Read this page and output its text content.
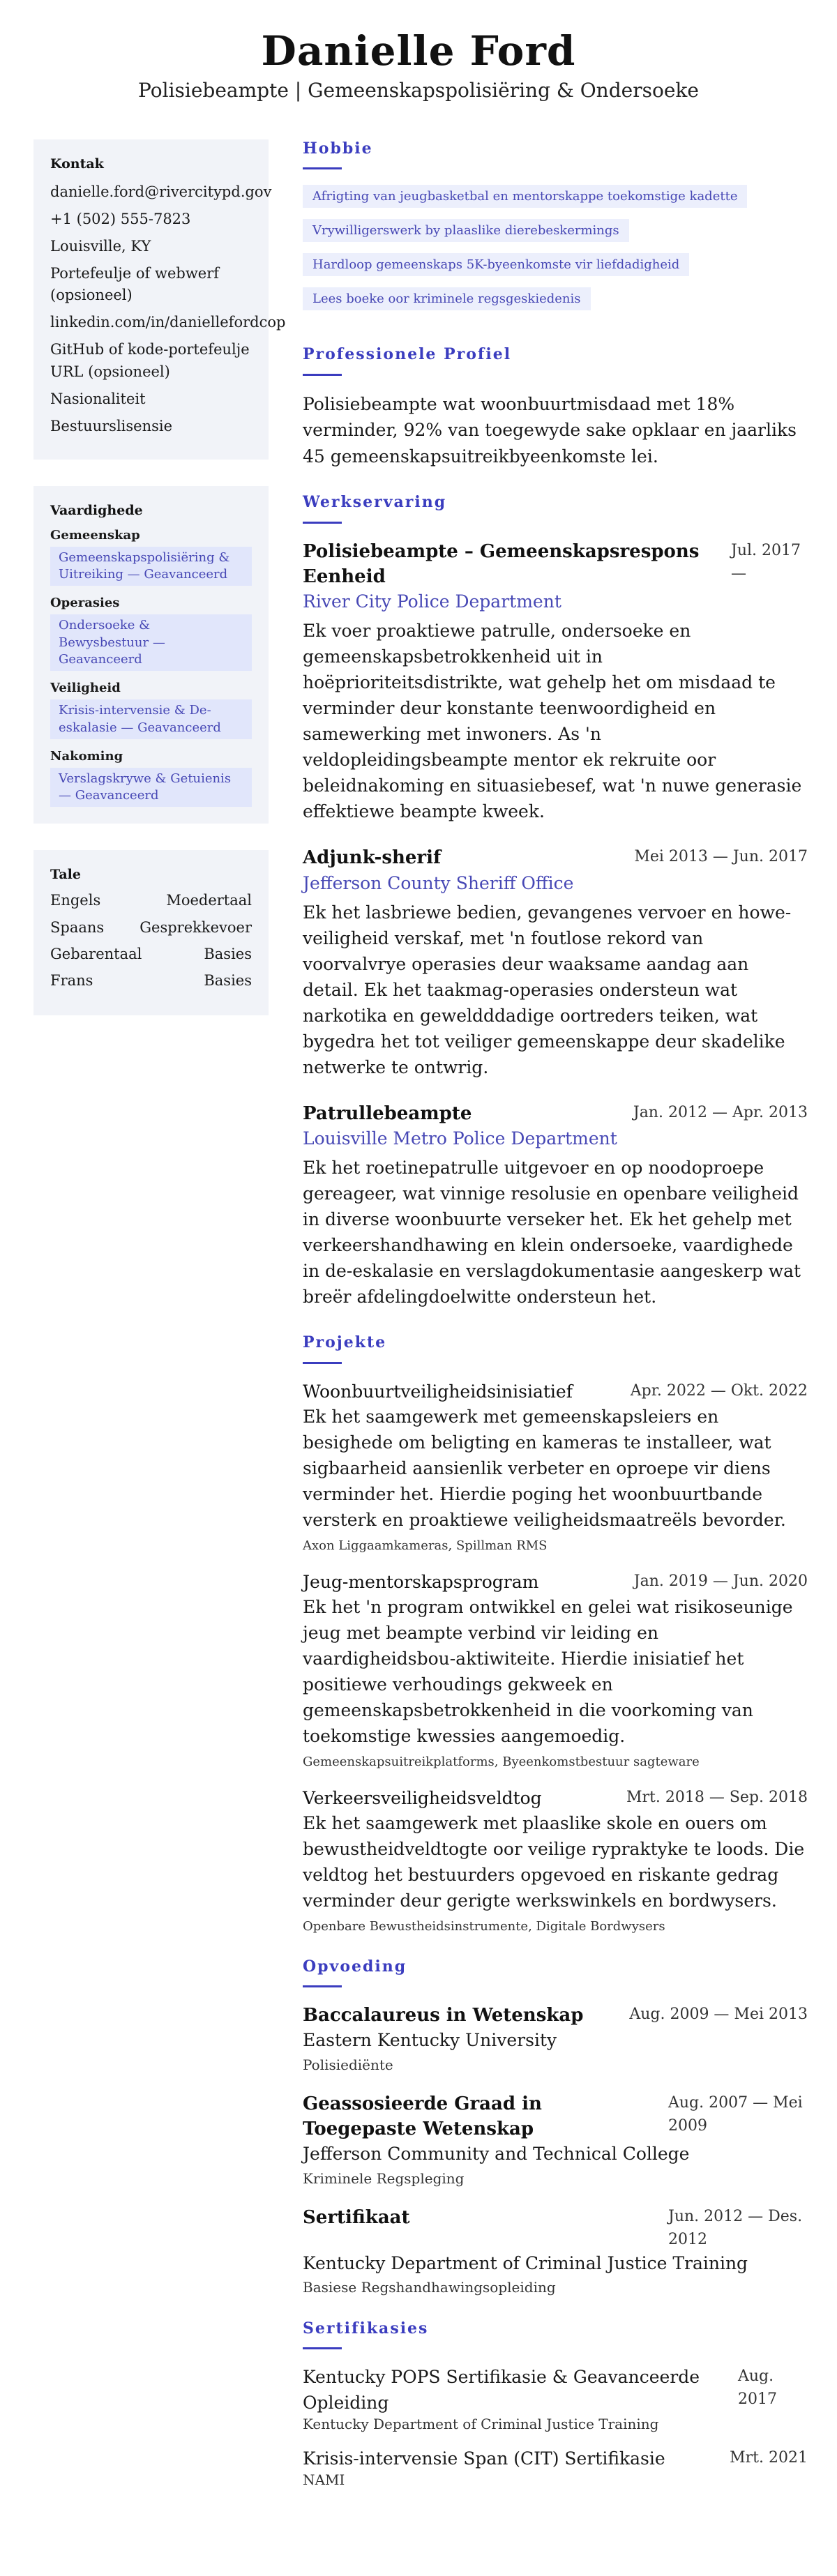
Danielle Ford
Polisiebeampte | Gemeenskapspolisiëring & Ondersoeke
Kontak
danielle.ford@rivercitypd.gov
+1 (502) 555-7823
Louisville, KY
Portefeulje of webwerf (opsioneel)
linkedin.com/in/daniellefordcop
GitHub of kode-portefeulje URL (opsioneel)
Nasionaliteit
Bestuurslisensie
Vaardighede
Gemeenskap
Gemeenskapspolisiëring & Uitreiking — Geavanceerd
Operasies
Ondersoeke & Bewysbestuur — Geavanceerd
Veiligheid
Krisis-intervensie & De-eskalasie — Geavanceerd
Nakoming
Verslagskrywe & Getuienis — Geavanceerd
Tale
Engels	Moedertaal
Spaans Gesprekkevoer
Gebarentaal	Basies
Frans	Basies
Hobbie
Afrigting van jeugbasketbal en mentorskappe toekomstige kadette
Vrywilligerswerk by plaaslike dierebeskermings
Hardloop gemeenskaps 5K-byeenkomste vir liefdadigheid
Lees boeke oor kriminele regsgeskiedenis
Professionele Profiel
Polisiebeampte wat woonbuurtmisdaad met 18% verminder, 92% van toegewyde sake opklaar en jaarliks 45 gemeenskapsuitreikbyeenkomste lei.
Werkservaring
Polisiebeampte – Gemeenskapsrespons Eenheid
Jul. 2017 —
River City Police Department
Ek voer proaktiewe patrulle, ondersoeke en gemeenskapsbetrokkenheid uit in hoëprioriteitsdistrikte, wat gehelp het om misdaad te verminder deur konstante teenwoordigheid en samewerking met inwoners. As 'n veldopleidingsbeampte mentor ek rekruite oor beleidnakoming en situasiebesef, wat 'n nuwe generasie effektiewe beampte kweek.
Adjunk-sherif	Mei 2013 — Jun. 2017
Jefferson County Sheriff Office
Ek het lasbriewe bedien, gevangenes vervoer en howe-veiligheid verskaf, met 'n foutlose rekord van voorvalvrye operasies deur waaksame aandag aan detail. Ek het taakmag-operasies ondersteun wat narkotika en geweldddadige oortreders teiken, wat bygedra het tot veiliger gemeenskappe deur skadelike netwerke te ontwrig.
Patrullebeampte	Jan. 2012 — Apr. 2013
Louisville Metro Police Department
Ek het roetinepatrulle uitgevoer en op noodoproepe gereageer, wat vinnige resolusie en openbare veiligheid in diverse woonbuurte verseker het. Ek het gehelp met verkeershandhawing en klein ondersoeke, vaardighede in de-eskalasie en verslagdokumentasie aangeskerp wat breër afdelingdoelwitte ondersteun het.
Projekte
Woonbuurtveiligheidsinisiatief	Apr. 2022 — Okt. 2022
Ek het saamgewerk met gemeenskapsleiers en besighede om beligting en kameras te installeer, wat sigbaarheid aansienlik verbeter en oproepe vir diens verminder het. Hierdie poging het woonbuurtbande versterk en proaktiewe veiligheidsmaatreëls bevorder.
Axon Liggaamkameras, Spillman RMS
Jeug-mentorskapsprogram	Jan. 2019 — Jun. 2020
Ek het 'n program ontwikkel en gelei wat risikoseunige jeug met beampte verbind vir leiding en vaardigheidsbou-aktiwiteite. Hierdie inisiatief het positiewe verhoudings gekweek en gemeenskapsbetrokkenheid in die voorkoming van toekomstige kwessies aangemoedig.
Gemeenskapsuitreikplatforms, Byeenkomstbestuur sagteware
Verkeersveiligheidsveldtog	Mrt. 2018 — Sep. 2018
Ek het saamgewerk met plaaslike skole en ouers om bewustheidveldtogte oor veilige rypraktyke te loods. Die veldtog het bestuurders opgevoed en riskante gedrag verminder deur gerigte werkswinkels en bordwysers.
Openbare Bewustheidsinstrumente, Digitale Bordwysers
Opvoeding
Baccalaureus in Wetenskap	Aug. 2009 — Mei 2013
Eastern Kentucky University
Polisiediënte
Geassosieerde Graad in Toegepaste Wetenskap
Aug. 2007 — Mei 2009
Jefferson Community and Technical College
Kriminele Regspleging
Sertifikaat	Jun. 2012 — Des. 2012
Kentucky Department of Criminal Justice Training
Basiese Regshandhawingsopleiding
Sertifikasies
Kentucky POPS Sertifikasie & Geavanceerde Opleiding
Aug. 2017
Kentucky Department of Criminal Justice Training
Krisis-intervensie Span (CIT) Sertifikasie	Mrt. 2021
NAMI
